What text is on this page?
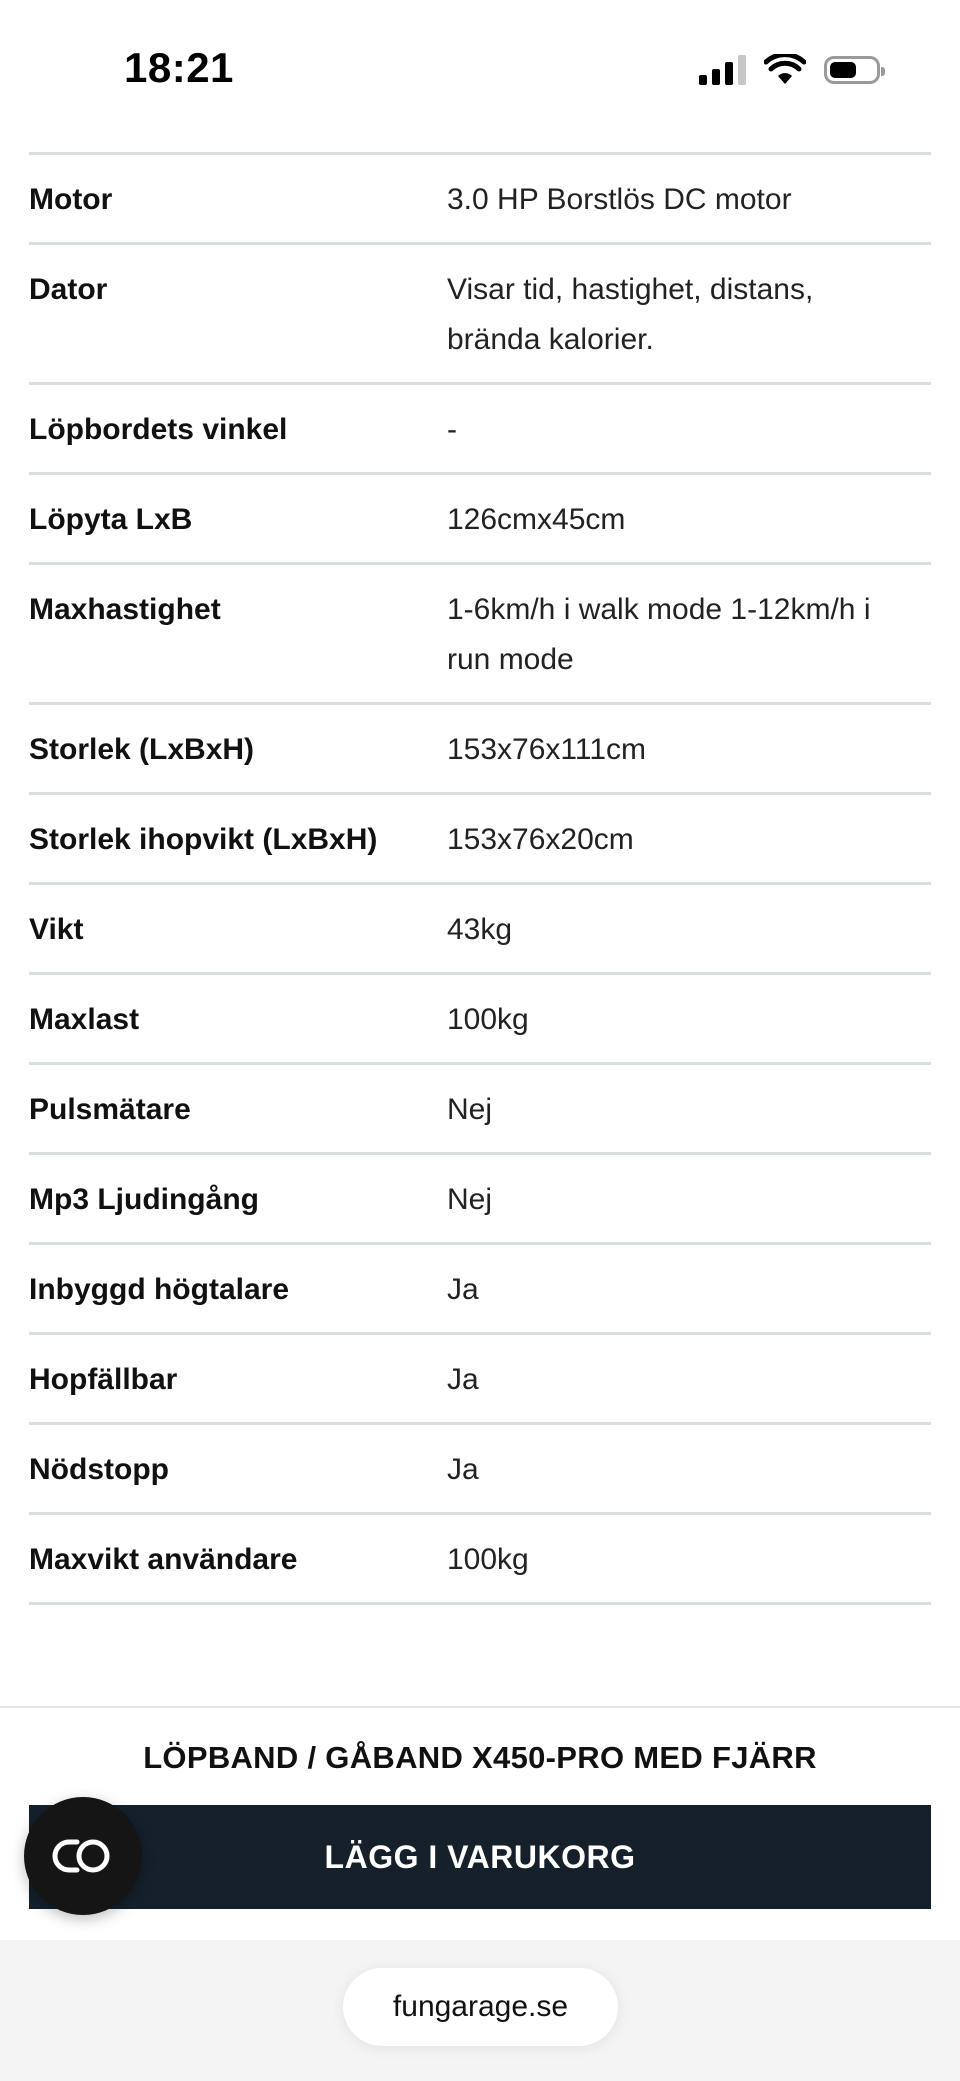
18:21
Motor	3.0 HP Borstlös DC motor
Dator	Visar tid, hastighet, distans, brända kalorier.
Löpbordets vinkel	-
Löpyta LxB	126cmx45cm
Maxhastighet	1-6km/h i walk mode 1-12km/h i run mode
Storlek (LxBxH)	153x76x111cm
Storlek ihopvikt (LxBxH)	153x76x20cm
Vikt	43kg
Maxlast	100kg
Pulsmätare	Nej
Mp3 Ljudingång	Nej
Inbyggd högtalare	Ja
Hopfällbar	Ja
Nödstopp	Ja
Maxvikt användare	100kg
LÖPBAND / GÅBAND X450-PRO MED FJÄRR
LÄGG I VARUKORG
fungarage.se
